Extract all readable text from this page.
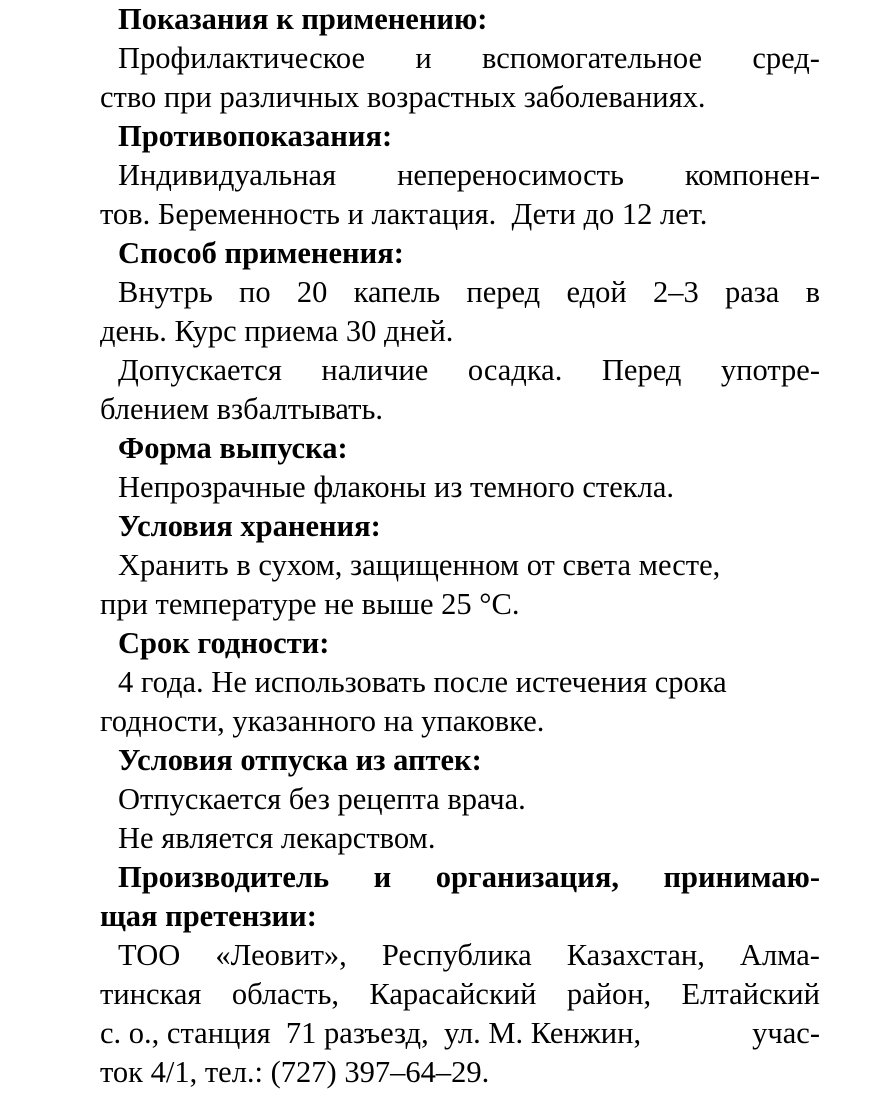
Показания к применению:
Профилактическое и вспомогательное сред-
ство при различных возрастных заболеваниях.
Противопоказания:
Индивидуальная непереносимость компонен-
тов. Беременность и лактация.  Дети до 12 лет.
Способ применения:
Внутрь по 20 капель перед едой 2–3 раза в
день. Курс приема 30 дней.
Допускается наличие осадка. Перед употре-
блением взбалтывать.
Форма выпуска:
Непрозрачные флаконы из темного стекла.
Условия хранения:
Хранить в сухом, защищенном от света месте,
при температуре не выше 25 °C.
Срок годности:
4 года. Не использовать после истечения срока
годности, указанного на упаковке.
Условия отпуска из аптек:
Отпускается без рецепта врача.
Не является лекарством.
Производитель и организация, принимаю-
щая претензии:
ТОО «Леовит», Республика Казахстан, Алма-
тинская область, Карасайский район, Елтайский
с. о., станция  71 разъезд,  ул. М. Кенжин,	учас-
ток 4/1, тел.: (727) 397–64–29.
